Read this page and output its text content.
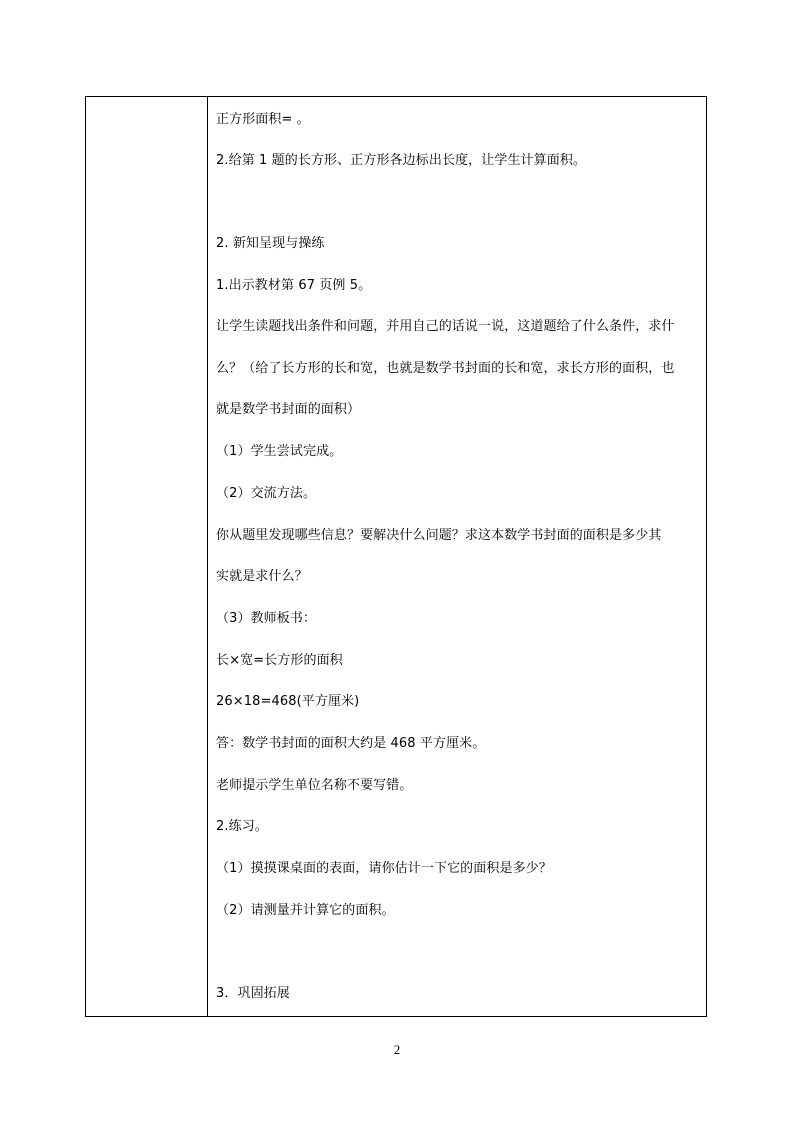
正方形面积= 。
2.给第 1 题的长方形、正方形各边标出长度，让学生计算面积。
2. 新知呈现与操练
1.出示教材第 67 页例 5。
让学生读题找出条件和问题，并用自己的话说一说，这道题给了什么条件，求什
么？（给了长方形的长和宽，也就是数学书封面的长和宽，求长方形的面积，也
就是数学书封面的面积）
（1）学生尝试完成。
（2）交流方法。
你从题里发现哪些信息？要解决什么问题？求这本数学书封面的面积是多少其
实就是求什么？
（3）教师板书：
长×宽=长方形的面积
26×18=468(平方厘米)
答：数学书封面的面积大约是 468 平方厘米。
老师提示学生单位名称不要写错。
2.练习。
（1）摸摸课桌面的表面，请你估计一下它的面积是多少？
（2）请测量并计算它的面积。
3．巩固拓展
2
